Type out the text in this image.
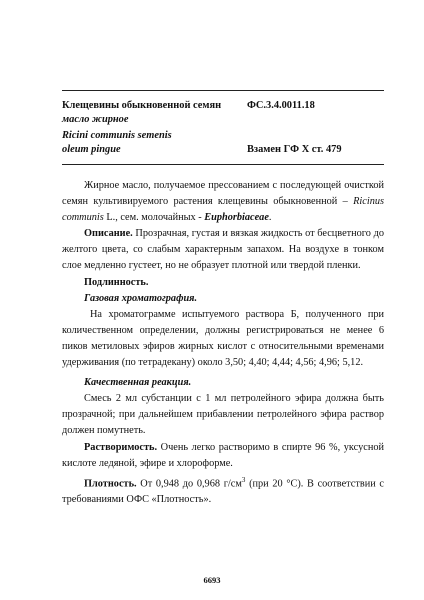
Клещевины обыкновенной семян
масло жирное
Ricini communis semenis
oleum pingue
ФС.3.4.0011.18
Взамен ГФ X ст. 479

Жирное масло, получаемое прессованием с последующей очисткой семян культивируемого растения клещевины обыкновенной – Ricinus communis L., сем. молочайных - Euphorbiaceae.

Описание. Прозрачная, густая и вязкая жидкость от бесцветного до желтого цвета, со слабым характерным запахом. На воздухе в тонком слое медленно густеет, но не образует плотной или твердой пленки.

Подлинность.

Газовая хроматография.

На хроматограмме испытуемого раствора Б, полученного при количественном определении, должны регистрироваться не менее 6 пиков метиловых эфиров жирных кислот с относительными временами удерживания (по тетрадекану) около 3,50; 4,40; 4,44; 4,56; 4,96; 5,12.

Качественная реакция.

Смесь 2 мл субстанции с 1 мл петролейного эфира должна быть прозрачной; при дальнейшем прибавлении петролейного эфира раствор должен помутнеть.

Растворимость. Очень легко растворимо в спирте 96 %, уксусной кислоте ледяной, эфире и хлороформе.

Плотность. От 0,948 до 0,968 $г/см^3$ (при 20 °С). В соответствии с требованиями ОФС «Плотность».

6693
